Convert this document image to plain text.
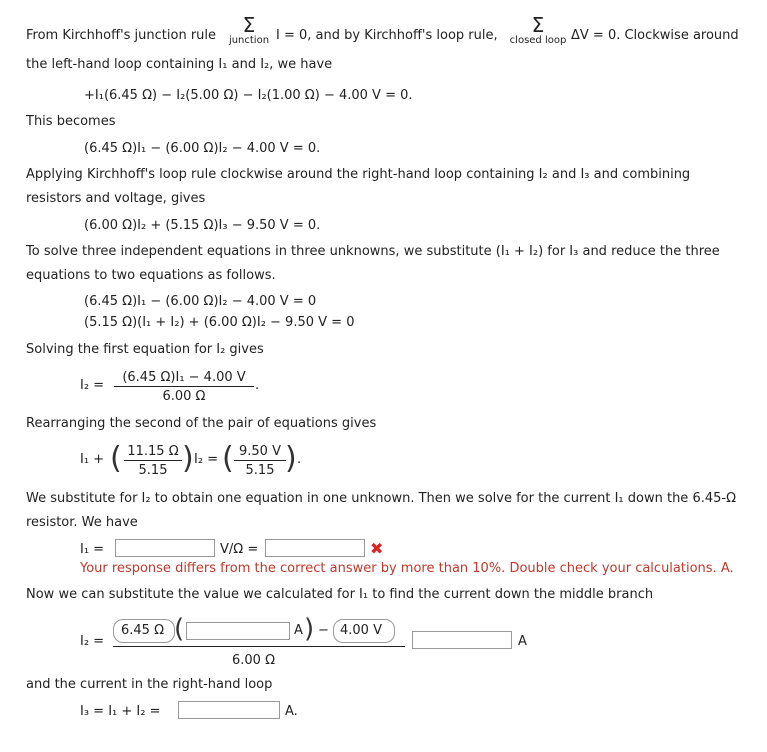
From Kirchhoff's junction rule	Σ
junction I = 0, and by Kirchhoff's loop rule,	Σ
closed loop ΔV = 0. Clockwise around
the left-hand loop containing I₁ and I₂, we have
+I₁(6.45 Ω) − I₂(5.00 Ω) − I₂(1.00 Ω) − 4.00 V = 0.
This becomes
(6.45 Ω)I₁ − (6.00 Ω)I₂ − 4.00 V = 0.
Applying Kirchhoff's loop rule clockwise around the right-hand loop containing I₂ and I₃ and combining
resistors and voltage, gives
(6.00 Ω)I₂ + (5.15 Ω)I₃ − 9.50 V = 0.
To solve three independent equations in three unknowns, we substitute (I₁ + I₂) for I₃ and reduce the three
equations to two equations as follows.
(6.45 Ω)I₁ − (6.00 Ω)I₂ − 4.00 V = 0
(5.15 Ω)(I₁ + I₂) + (6.00 Ω)I₂ − 9.50 V = 0
Solving the first equation for I₂ gives
$I_2 = \frac{\text{(6.45 Ω)I₁ − 4.00 V}}{6.00 \Omega}$ .
Rearranging the second of the pair of equations gives
I₁ + ( $\frac{11.15 \Omega}{5.15}$ ) I₂ = ( $\frac{9.50 V}{5.15}$ ) .
We substitute for I₂ to obtain one equation in one unknown. Then we solve for the current I₁ down the 6.45-Ω
resistor. We have
I₁ =	V/Ω =	✖
Your response differs from the correct answer by more than 10%. Double check your calculations. A.
Now we can substitute the value we calculated for I₁ to find the current down the middle branch
I₂ =
6.45 Ω (	A ) − 4.00 V
6.00 Ω
A
and the current in the right-hand loop
I₃ = I₁ + I₂ =	A.
